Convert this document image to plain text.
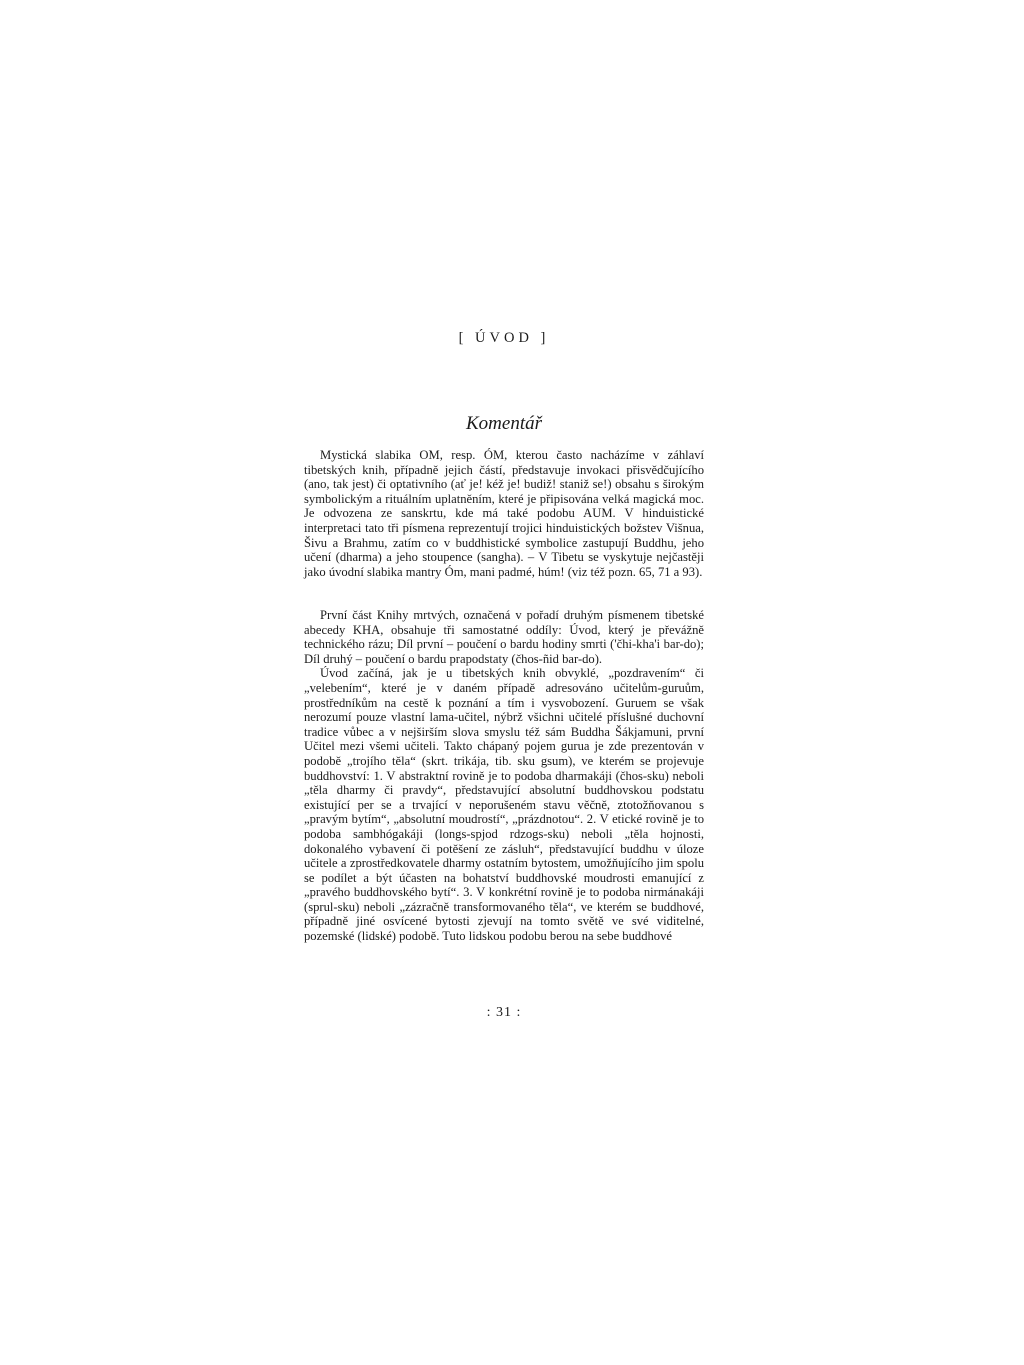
[ ÚVOD ]
Komentář

Mystická slabika OM, resp. ÓM, kterou často nacházíme v záhlaví tibetských knih, případně jejich částí, představuje invokaci přisvědčujícího (ano, tak jest) či optativního (ať je! kéž je! budiž! staniž se!) obsahu s širokým symbolickým a rituálním uplatněním, které je připisována velká magická moc. Je odvozena ze sanskrtu, kde má také podobu AUM. V hinduistické interpretaci tato tři písmena reprezentují trojici hinduistických božstev Višnua, Šivu a Brahmu, zatím co v buddhistické symbolice zastupují Buddhu, jeho učení (dharma) a jeho stoupence (sangha). – V Tibetu se vyskytuje nejčastěji jako úvodní slabika mantry Óm, mani padmé, húm! (viz též pozn. 65, 71 a 93).

První část Knihy mrtvých, označená v pořadí druhým písmenem tibetské abecedy KHA, obsahuje tři samostatné oddíly: Úvod, který je převážně technického rázu; Díl první – poučení o bardu hodiny smrti ('čhi-kha'i bar-do); Díl druhý – poučení o bardu prapodstaty (čhos-ñid bar-do).

Úvod začíná, jak je u tibetských knih obvyklé, „pozdravením“ či „velebením“, které je v daném případě adresováno učitelům-guruům, prostředníkům na cestě k poznání a tím i vysvobození. Guruem se však nerozumí pouze vlastní lama-učitel, nýbrž všichni učitelé příslušné duchovní tradice vůbec a v nejširším slova smyslu též sám Buddha Šákjamuni, první Učitel mezi všemi učiteli. Takto chápaný pojem gurua je zde prezentován v podobě „trojího těla“ (skrt. trikája, tib. sku gsum), ve kterém se projevuje buddhovství: 1. V abstraktní rovině je to podoba dharmakáji (čhos-sku) neboli „těla dharmy či pravdy“, představující absolutní buddhovskou podstatu existující per se a trvající v neporušeném stavu věčně, ztotožňovanou s „pravým bytím“, „absolutní moudrostí“, „prázdnotou“. 2. V etické rovině je to podoba sambhógakáji (longs-spjod rdzogs-sku) neboli „těla hojnosti, dokonalého vybavení či potěšení ze zásluh“, představující buddhu v úloze učitele a zprostředkovatele dharmy ostatním bytostem, umožňujícího jim spolu se podílet a být účasten na bohatství buddhovské moudrosti emanující z „pravého buddhovského bytí“. 3. V konkrétní rovině je to podoba nirmánakáji (sprul-sku) neboli „zázračně transformovaného těla“, ve kterém se buddhové, případně jiné osvícené bytosti zjevují na tomto světě ve své viditelné, pozemské (lidské) podobě. Tuto lidskou podobu berou na sebe buddhové

: 31 :
